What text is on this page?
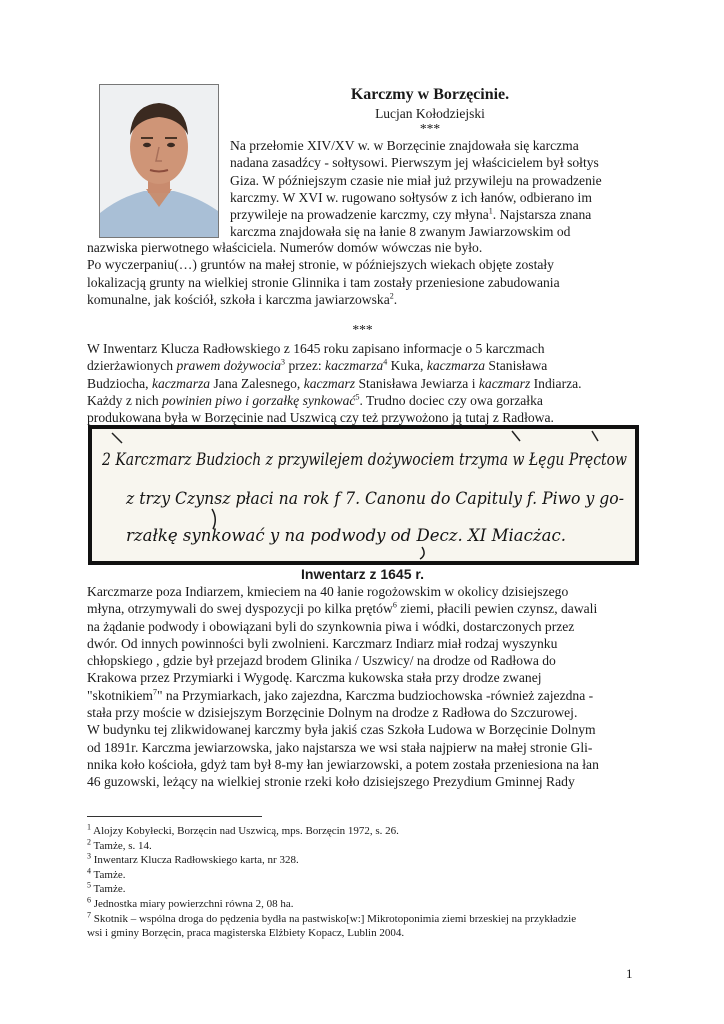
Karczmy w Borzęcinie.
Lucjan Kołodziejski
***

Na przełomie XIV/XV w. w Borzęcinie znajdowała się karczma

nadana zasadźcy - sołtysowi. Pierwszym jej właścicielem był sołtys

Giza. W późniejszym czasie nie miał już przywileju na prowadzenie

karczmy. W XVI w. rugowano sołtysów z ich łanów, odbierano im

przywileje na prowadzenie karczmy, czy młyna$^1$. Najstarsza znana

karczma znajdowała się na łanie 8 zwanym Jawiarzowskim od

nazwiska pierwotnego właściciela. Numerów domów wówczas nie było.

Po wyczerpaniu(…) gruntów na małej stronie, w późniejszych wiekach objęte zostały

lokalizacją grunty na wielkiej stronie Glinnika i tam zostały przeniesione zabudowania

komunalne, jak kościół, szkoła i karczma jawiarzowska$^2$.

***

W Inwentarz Klucza Radłowskiego z 1645 roku zapisano informacje o 5 karczmach

dzierżawionych prawem dożywocia$^3$ przez: kaczmarza$^4$ Kuka, kaczmarza Stanisława

Budziocha, kaczmarza Jana Zalesnego, kaczmarz Stanisława Jewiarza i kaczmarz Indiarza.

Każdy z nich powinien piwo i gorzałkę synkować$^5$. Trudno dociec czy owa gorzałka

produkowana była w Borzęcinie nad Uszwicą czy też przywożono ją tutaj z Radłowa.

2 Karczmarz Budzioch z przywilejem dożywociem trzyma w Łęgu Pręctow
z trzy Czynsz płaci na rok f 7. Canonu do Capituly f. Piwo y go-
rzałkę synkować y na podwody od Decz. XI Miacżac.
Inwentarz z 1645 r.

Karczmarze poza Indiarzem, kmieciem na 40 łanie rogożowskim w okolicy dzisiejszego

młyna, otrzymywali do swej dyspozycji po kilka prętów$^6$ ziemi, płacili pewien czynsz, dawali

na żądanie podwody i obowiązani byli do szynkownia piwa i wódki, dostarczonych przez

dwór. Od innych powinności byli zwolnieni. Karczmarz Indiarz miał rodzaj wyszynku

chłopskiego , gdzie był przejazd brodem Glinika / Uszwicy/ na drodze od Radłowa do

Krakowa przez Przymiarki i Wygodę. Karczma kukowska stała przy drodze zwanej

"skotnikiem$^7$" na Przymiarkach, jako zajezdna, Karczma budziochowska -również zajezdna -

stała przy moście w dzisiejszym Borzęcinie Dolnym na drodze z Radłowa do Szczurowej.

W budynku tej zlikwidowanej karczmy była jakiś czas Szkoła Ludowa w Borzęcinie Dolnym

od 1891r. Karczma jewiarzowska, jako najstarsza we wsi stała najpierw na małej stronie Gli-

nnika koło kościoła, gdyż tam był 8-my łan jewiarzowski, a potem została przeniesiona na łan

46 guzowski, leżący na wielkiej stronie rzeki koło dzisiejszego Prezydium Gminnej Rady

$^1$ Alojzy Kobyłecki, Borzęcin nad Uszwicą, mps. Borzęcin 1972, s. 26.
$^2$ Tamże, s. 14.
$^3$ Inwentarz Klucza Radłowskiego karta, nr 328.
$^4$ Tamże.
$^5$ Tamże.
$^6$ Jednostka miary powierzchni równa 2, 08 ha.
$^7$ Skotnik – wspólna droga do pędzenia bydła na pastwisko[w:] Mikrotoponimia ziemi brzeskiej na przykładzie
wsi i gminy Borzęcin, praca magisterska Elżbiety Kopacz, Lublin 2004.
1
